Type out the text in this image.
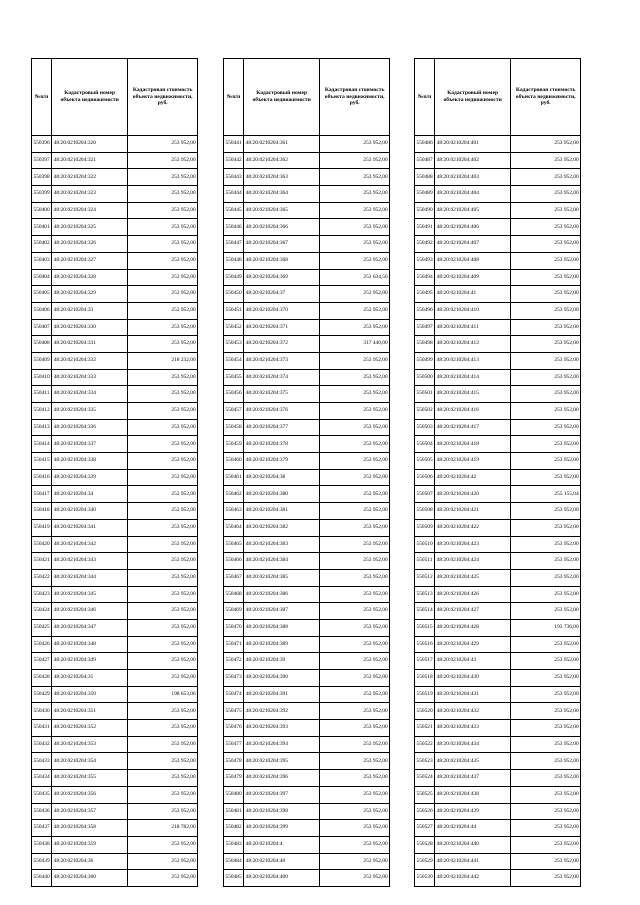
№п/п	Кадастровый номер объекта недвижимости	Кадастровая стоимость объекта недвижимости, руб.
550396	48:20:0210204:320	253 952,00
550397	48:20:0210204:321	253 952,00
550398	48:20:0210204:322	253 952,00
550399	48:20:0210204:323	253 952,00
550400	48:20:0210204:324	253 952,00
550401	48:20:0210204:325	253 952,00
550402	48:20:0210204:326	253 952,00
550403	48:20:0210204:327	253 952,00
550404	48:20:0210204:328	253 952,00
550405	48:20:0210204:329	253 952,00
550406	48:20:0210204:33	253 952,00
550407	48:20:0210204:330	253 952,00
550408	48:20:0210204:331	253 952,00
550409	48:20:0210204:332	218 232,00
550410	48:20:0210204:333	253 952,00
550411	48:20:0210204:334	253 952,00
550412	48:20:0210204:335	253 952,00
550413	48:20:0210204:336	253 952,00
550414	48:20:0210204:337	253 952,00
550415	48:20:0210204:338	253 952,00
550416	48:20:0210204:339	253 952,00
550417	48:20:0210204:34	253 952,00
550418	48:20:0210204:340	253 952,00
550419	48:20:0210204:341	253 952,00
550420	48:20:0210204:342	253 952,00
550421	48:20:0210204:343	253 952,00
550422	48:20:0210204:344	253 952,00
550423	48:20:0210204:345	253 952,00
550424	48:20:0210204:346	253 952,00
550425	48:20:0210204:347	253 952,00
550426	48:20:0210204:348	253 952,00
550427	48:20:0210204:349	253 952,00
550428	48:20:0210204:35	253 952,00
550429	48:20:0210204:350	198 653,06
550430	48:20:0210204:351	253 952,00
550431	48:20:0210204:352	253 952,00
550432	48:20:0210204:353	253 952,00
550433	48:20:0210204:354	253 952,00
550434	48:20:0210204:355	253 952,00
550435	48:20:0210204:356	253 952,00
550436	48:20:0210204:357	253 952,00
550437	48:20:0210204:358	218 782,00
550438	48:20:0210204:359	253 952,00
550439	48:20:0210204:36	253 952,00
550440	48:20:0210204:360	253 952,00
№п/п	Кадастровый номер объекта недвижимости	Кадастровая стоимость объекта недвижимости, руб.
550441	48:20:0210204:361	253 952,00
550442	48:20:0210204:362	253 952,00
550443	48:20:0210204:363	253 952,00
550444	48:20:0210204:364	253 952,00
550445	48:20:0210204:365	253 952,00
550446	48:20:0210204:366	253 952,00
550447	48:20:0210204:367	253 952,00
550448	48:20:0210204:368	253 952,00
550449	48:20:0210204:369	253 634,56
550450	48:20:0210204:37	253 952,00
550451	48:20:0210204:370	253 952,00
550452	48:20:0210204:371	253 952,00
550453	48:20:0210204:372	317 440,00
550454	48:20:0210204:373	253 952,00
550455	48:20:0210204:374	253 952,00
550456	48:20:0210204:375	253 952,00
550457	48:20:0210204:376	253 952,00
550458	48:20:0210204:377	253 952,00
550459	48:20:0210204:378	253 952,00
550460	48:20:0210204:379	253 952,00
550461	48:20:0210204:38	253 952,00
550462	48:20:0210204:380	253 952,00
550463	48:20:0210204:381	253 952,00
550464	48:20:0210204:382	253 952,00
550465	48:20:0210204:383	253 952,00
550466	48:20:0210204:384	253 952,00
550467	48:20:0210204:385	253 952,00
550468	48:20:0210204:386	253 952,00
550469	48:20:0210204:387	253 952,00
550470	48:20:0210204:388	253 952,00
550471	48:20:0210204:389	253 952,00
550472	48:20:0210204:39	253 952,00
550473	48:20:0210204:390	253 952,00
550474	48:20:0210204:391	253 952,00
550475	48:20:0210204:392	253 952,00
550476	48:20:0210204:393	253 952,00
550477	48:20:0210204:394	253 952,00
550478	48:20:0210204:395	253 952,00
550479	48:20:0210204:396	253 952,00
550480	48:20:0210204:397	253 952,00
550481	48:20:0210204:398	253 952,00
550482	48:20:0210204:399	253 952,00
550483	48:20:0210204:4	253 952,00
550484	48:20:0210204:40	253 952,00
550485	48:20:0210204:400	253 952,00
№п/п	Кадастровый номер объекта недвижимости	Кадастровая стоимость объекта недвижимости, руб.
550486	48:20:0210204:401	253 952,00
550487	48:20:0210204:402	253 952,00
550488	48:20:0210204:403	253 952,00
550489	48:20:0210204:404	253 952,00
550490	48:20:0210204:405	253 952,00
550491	48:20:0210204:406	253 952,00
550492	48:20:0210204:407	253 952,00
550493	48:20:0210204:408	253 952,00
550494	48:20:0210204:409	253 952,00
550495	48:20:0210204:41	253 952,00
550496	48:20:0210204:410	253 952,00
550497	48:20:0210204:411	253 952,00
550498	48:20:0210204:412	253 952,00
550499	48:20:0210204:413	253 952,00
550500	48:20:0210204:414	253 952,00
550501	48:20:0210204:415	253 952,00
550502	48:20:0210204:416	253 952,00
550503	48:20:0210204:417	253 952,00
550504	48:20:0210204:418	253 952,00
550505	48:20:0210204:419	253 952,00
550506	48:20:0210204:42	253 952,00
550507	48:20:0210204:420	255 155,04
550508	48:20:0210204:421	253 952,00
550509	48:20:0210204:422	253 952,00
550510	48:20:0210204:423	253 952,00
550511	48:20:0210204:424	253 952,00
550512	48:20:0210204:425	253 952,00
550513	48:20:0210204:426	253 952,00
550514	48:20:0210204:427	253 952,00
550515	48:20:0210204:428	193 736,00
550516	48:20:0210204:429	253 952,00
550517	48:20:0210204:43	253 952,00
550518	48:20:0210204:430	253 952,00
550519	48:20:0210204:431	253 952,00
550520	48:20:0210204:432	253 952,00
550521	48:20:0210204:433	253 952,00
550522	48:20:0210204:434	253 952,00
550523	48:20:0210204:435	253 952,00
550524	48:20:0210204:437	253 952,00
550525	48:20:0210204:438	253 952,00
550526	48:20:0210204:439	253 952,00
550527	48:20:0210204:44	253 952,00
550528	48:20:0210204:440	253 952,00
550529	48:20:0210204:441	253 952,00
550530	48:20:0210204:442	253 952,00
